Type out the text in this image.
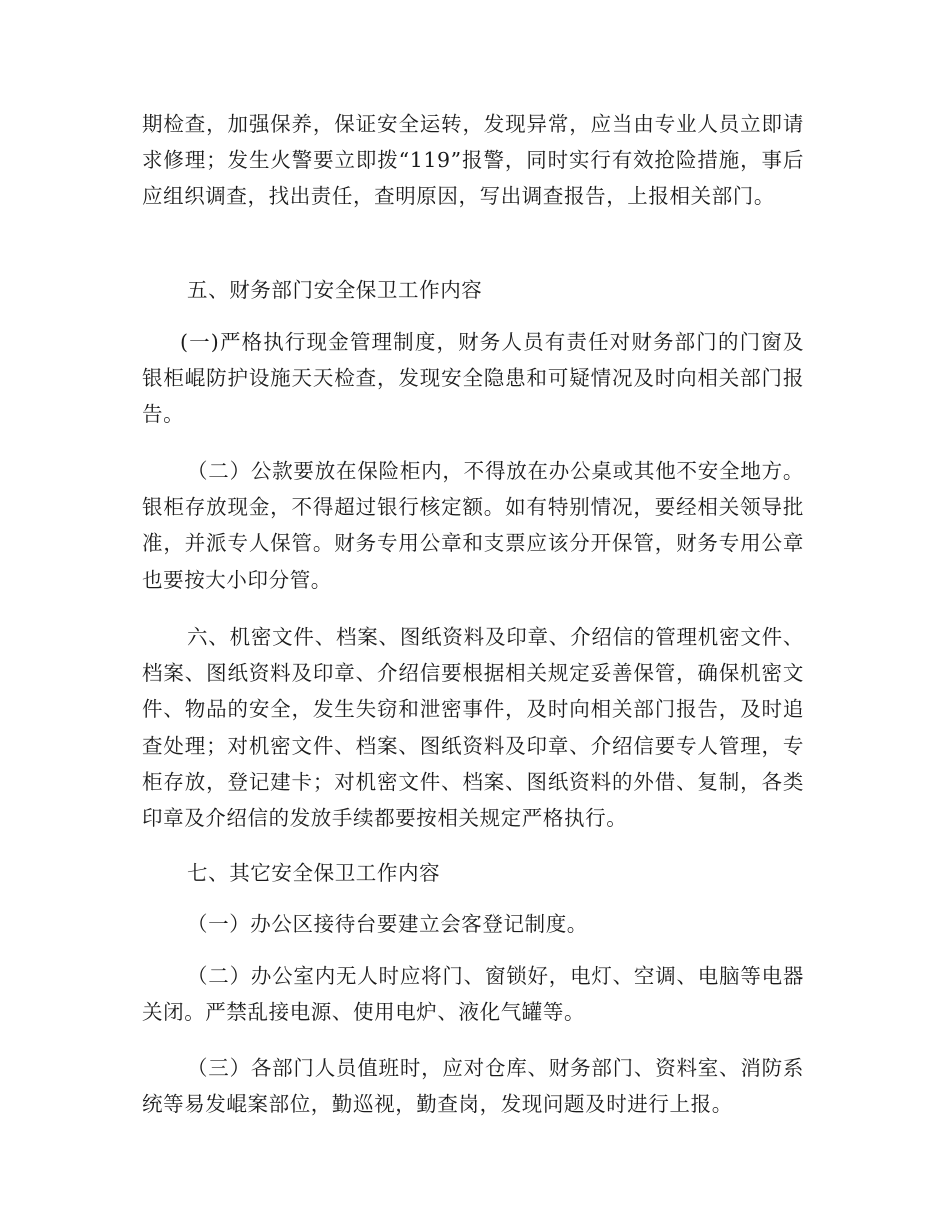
期检查，加强保养，保证安全运转，发现异常，应当由专业人员立即请求修理；发生火警要立即拨“119”报警，同时实行有效抢险措施，事后应组织调查，找出责任，查明原因，写出调查报告，上报相关部门。

五、财务部门安全保卫工作内容

(一)严格执行现金管理制度，财务人员有责任对财务部门的门窗及银柜崐防护设施天天检查，发现安全隐患和可疑情况及时向相关部门报告。

（二）公款要放在保险柜内，不得放在办公桌或其他不安全地方。银柜存放现金，不得超过银行核定额。如有特别情况，要经相关领导批准，并派专人保管。财务专用公章和支票应该分开保管，财务专用公章也要按大小印分管。

六、机密文件、档案、图纸资料及印章、介绍信的管理机密文件、档案、图纸资料及印章、介绍信要根据相关规定妥善保管，确保机密文件、物品的安全，发生失窃和泄密事件，及时向相关部门报告，及时追查处理；对机密文件、档案、图纸资料及印章、介绍信要专人管理，专柜存放，登记建卡；对机密文件、档案、图纸资料的外借、复制，各类印章及介绍信的发放手续都要按相关规定严格执行。

七、其它安全保卫工作内容

（一）办公区接待台要建立会客登记制度。

（二）办公室内无人时应将门、窗锁好，电灯、空调、电脑等电器关闭。严禁乱接电源、使用电炉、液化气罐等。

（三）各部门人员值班时，应对仓库、财务部门、资料室、消防系统等易发崐案部位，勤巡视，勤查岗，发现问题及时进行上报。
